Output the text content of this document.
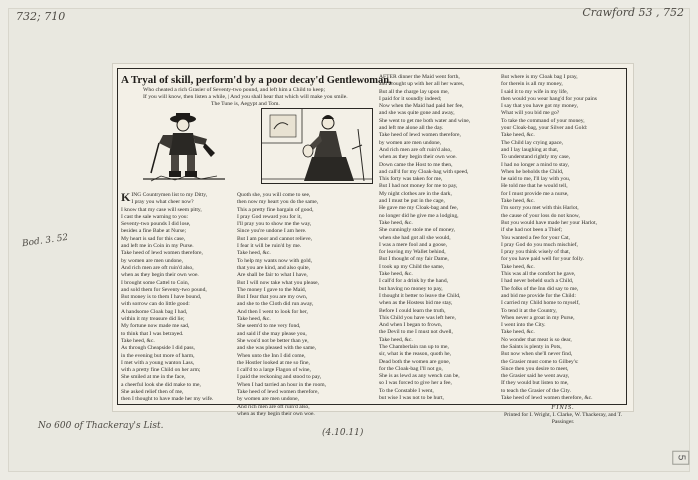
732; 710	Crawford 53 , 752
Bod. 3. 52
No 600 of Thackeray's List.
(4.10.11)
5
A Tryal of skill, perform'd by a poor decay'd Gentlewoman,
Who cheated a rich Grasier of Seventy-two pound, and left him a Child to keep;
If you will know, then listen a while, | And you shall hear that which will make you smile.
The Tune is, Aegypt and Tom.
K ING Countrymen list to my Ditty,
I pray you what cheer now?
I know that my case will seem pitty,
I cast the sale warning to you:
Seventy-two pounds I did lose,
besides a fine Babe at Nurse;
My heart is sad for this case,
and left me in Coin in my Purse.
Take heed of lewd women therefore,
by women are men undone,
And rich men are oft ruin'd also,
when as they begin their own woe.
I brought some Cattel to Coin,
and sold them for Seventy-two pound,
But money is to them I have bound,
with sorrow can do little good:
A handsome Cloak bag I had,
within it my treasure did lie;
My fortune now made me sad,
to think that I was betrayed.
Take heed, &c.
As through Cheapside I did pass,
in the evening but more of harm,
I met with a young wanton Lass,
with a pretty fine Child on her arm;
She smiled at me in the face,
a cheerful look she did make to me,
She asked relief then of me,
then I thought to have made her my wife.
Quoth she, you will come to see,
then now my heart you do the same,
This a pretty fine bargain of good,
I pray God reward you for it,
I'll pray you to show me the way,
Since you're undone I am here.
But I am poor and cannot relieve,
I fear it will be ruin'd by me.
Take heed, &c.
To help my wants now with gold,
that you are kind, and also quite,
Are shall be fair to what I have,
But I will now take what you please,
The money I gave to the Maid,
But I fear that you are my own,
and she to the Cloth did run away,
And then I went to look for her,
Take heed, &c.
She seem'd to me very fond,
and said if she may please you,
She wou'd not be better than ye,
and she was pleased with the same,
When unto the Inn I did come,
the Hostler looked at me so fine,
I call'd to a large Flagon of wine,
I paid the reckoning and stood to pay,
When I had tarried an hour in the room,
Take heed of lewd women therefore,
by women are men undone,
And rich men are oft ruin'd also,
when as they begin their own woe.
AFTER dinner the Maid went forth,
and brought up with her all her wares,
But all the charge lay upon me,
I paid for it soundly indeed;
Now when the Maid had paid her fee,
and she was quite gone and away,
She went to get me both water and wine,
and left me alone all the day.
Take heed of lewd women therefore,
by women are men undone,
And rich men are oft ruin'd also,
when as they begin their own woe.
Down came the Host to me then,
and call'd for my Cloak-bag with speed,
This forty was taken for me,
But I had not money for me to pay,
My night clothes are in the dark,
and I must be put in the cage,
He gave me my Cloak-bag and fee,
no longer did he give me a lodging,
Take heed, &c.
She cunningly stole me of money,
when she had got all she would,
I was a mere fool and a goose,
for leaving my Wallet behind,
But I thought of my fair Dame,
I took up my Child the same,
Take heed, &c.
I call'd for a drink by the hand,
but having no money to pay,
I thought it better to leave the Child,
when as the Hostess bid me stay,
Before I could learn the truth,
This Child you have was left here,
And when I began to frown,
the Devil to me I must not dwell,
Take heed, &c.
The Chamberlain ran up to me,
sir, what is the reason, quoth he,
Dead both the women are gone,
for the Cloak-bag I'll not go,
She is as lewd as any wench can be,
so I was forced to give her a fee,
To the Constable I went,
but wise I was not to be hurt,
But where is my Cloak bag I pray,
for therein is all my money,
I said it to my wife in my life,
then would you wear hang'd for your pains
I say that you have got my money,
What will you bid me go?
To take the command of your money,
your Cloak-bag, your Silver and Gold:
Take heed, &c.
The Child lay crying apace,
and I lay laughing at that,
To understand rightly my case,
I had no longer a mind to stay,
When he beholds the Child,
he said to me, I'll lay with you,
He told me that he would tell,
for I must provide me a nurse,
Take heed, &c.
I'm sorry you met with this Harlot,
the cause of your loss do not know,
But you would have made her your Harlot,
if she had not been a Thief;
You wanted a fee for your Cat,
I pray God do you much mischief,
I pray you think wisely of that,
for you have paid well for your folly.
Take heed, &c.
This was all the comfort he gave,
I had never beheld such a Child,
The folks of the Inn did say to me,
and bid me provide for the Child:
I carried my Child home to myself,
To tend it at the Country,
When never a groat in my Purse,
I went into the City.
Take heed, &c.
No wonder that meat is so dear,
the Saints is plenty in Pots,
But now when she'll never find,
the Grasier must come to Gilbey's:
Since then you desire to meet,
the Grasier said he went away,
If they would but listen to me,
to teach the Grasier of the City.
Take heed of lewd women therefore, &c.
FINIS.
Printed for I. Wright, I. Clarke, W. Thackeray, and T. Passinger.
